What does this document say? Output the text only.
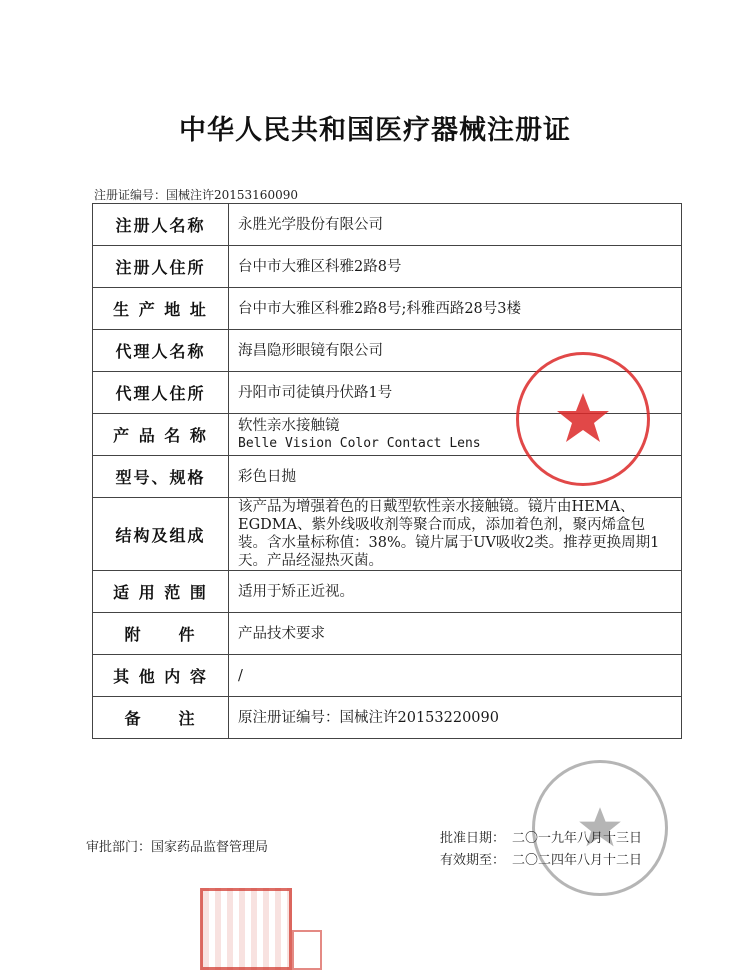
中华人民共和国医疗器械注册证
注册证编号：国械注许20153160090
注册人名称	永胜光学股份有限公司
注册人住所	台中市大雅区科雅2路8号
生 产 地 址	台中市大雅区科雅2路8号;科雅西路28号3楼
代理人名称	海昌隐形眼镜有限公司
代理人住所	丹阳市司徒镇丹伏路1号
产 品 名 称	软性亲水接触镜
Belle Vision Color Contact Lens

型号、规格	彩色日抛
结构及组成	该产品为增强着色的日戴型软性亲水接触镜。镜片由HEMA、EGDMA、紫外线吸收剂等聚合而成，添加着色剂，聚丙烯盒包装。含水量标称值：38%。镜片属于UV吸收2类。推荐更换周期1天。产品经湿热灭菌。
适 用 范 围	适用于矫正近视。
附　　件	产品技术要求
其 他 内 容	/
备　　注	原注册证编号：国械注许20153220090
审批部门：国家药品监督管理局
批准日期： 二〇一九年八月十三日
有效期至： 二〇二四年八月十二日
